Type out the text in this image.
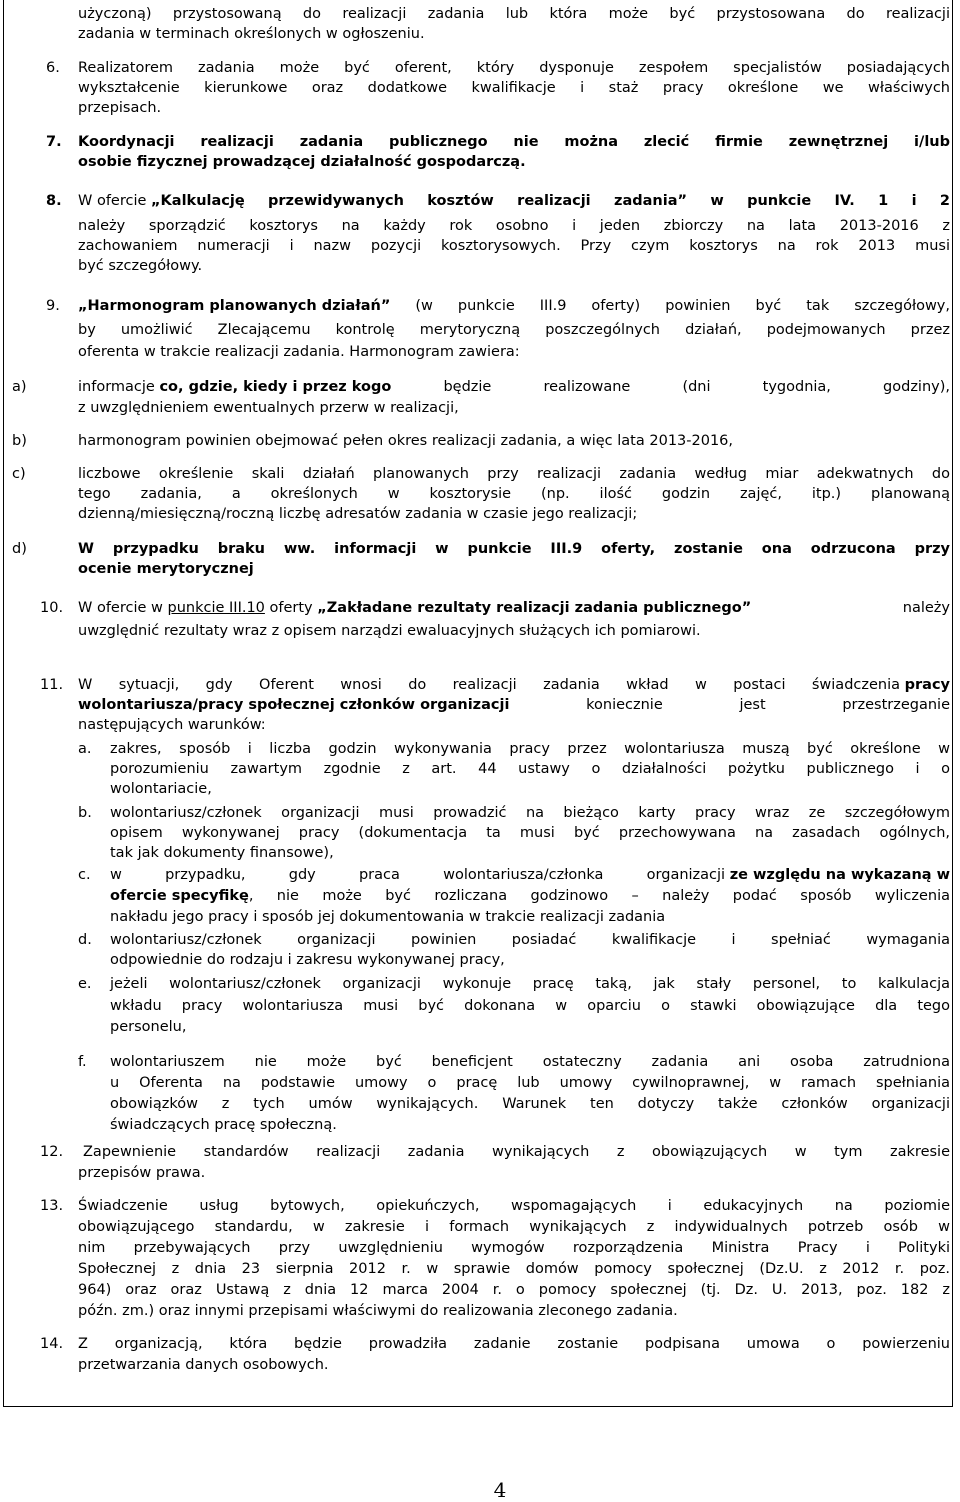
użyczoną) przystosowaną do realizacji zadania lub która może być przystosowana do realizacji
zadania w terminach określonych w ogłoszeniu.
6. Realizatorem zadania może być oferent, który dysponuje zespołem specjalistów posiadających
wykształcenie kierunkowe oraz dodatkowe kwalifikacje i staż pracy określone we właściwych
przepisach.
7. Koordynacji realizacji zadania publicznego nie można zlecić firmie zewnętrznej i/lub
osobie fizycznej prowadzącej działalność gospodarczą.
8. W ofercie „Kalkulację przewidywanych kosztów realizacji zadania” w punkcie IV. 1 i 2
należy sporządzić kosztorys na każdy rok osobno i jeden zbiorczy na lata 2013-2016 z
zachowaniem numeracji i nazw pozycji kosztorysowych. Przy czym kosztorys na rok 2013 musi
być szczegółowy.
9. „Harmonogram planowanych działań” (w punkcie III.9 oferty) powinien być tak szczegółowy,
by umożliwić Zlecającemu kontrolę merytoryczną poszczególnych działań, podejmowanych przez
oferenta w trakcie realizacji zadania. Harmonogram zawiera:
a)	informacje co, gdzie, kiedy i przez kogo będzie realizowane (dni tygodnia, godziny),
z uwzględnieniem ewentualnych przerw w realizacji,
b)	harmonogram powinien obejmować pełen okres realizacji zadania, a więc lata 2013-2016,
c)	liczbowe określenie skali działań planowanych przy realizacji zadania według miar adekwatnych do
tego zadania, a określonych w kosztorysie (np. ilość godzin zajęć, itp.) planowaną
dzienną/miesięczną/roczną liczbę adresatów zadania w czasie jego realizacji;
d)	W przypadku braku ww. informacji w punkcie III.9 oferty, zostanie ona odrzucona przy
ocenie merytorycznej
10. W ofercie w punkcie III.10 oferty „Zakładane rezultaty realizacji zadania publicznego” należy
uwzględnić rezultaty wraz z opisem narządzi ewaluacyjnych służących ich pomiarowi.
11. W sytuacji, gdy Oferent wnosi do realizacji zadania wkład w postaci świadczenia pracy
wolontariusza/pracy społecznej członków organizacji koniecznie jest przestrzeganie
następujących warunków:
a. zakres, sposób i liczba godzin wykonywania pracy przez wolontariusza muszą być określone w
porozumieniu zawartym zgodnie z art. 44 ustawy o działalności pożytku publicznego i o
wolontariacie,
b. wolontariusz/członek organizacji musi prowadzić na bieżąco karty pracy wraz ze szczegółowym
opisem wykonywanej pracy (dokumentacja ta musi być przechowywana na zasadach ogólnych,
tak jak dokumenty finansowe),
c. w przypadku, gdy praca wolontariusza/członka organizacji ze względu na wykazaną w
ofercie specyfikę , nie może być rozliczana godzinowo – należy podać sposób wyliczenia
nakładu jego pracy i sposób jej dokumentowania w trakcie realizacji zadania
d. wolontariusz/członek organizacji powinien posiadać kwalifikacje i spełniać wymagania
odpowiednie do rodzaju i zakresu wykonywanej pracy,
e. jeżeli wolontariusz/członek organizacji wykonuje pracę taką, jak stały personel, to kalkulacja
wkładu pracy wolontariusza musi być dokonana w oparciu o stawki obowiązujące dla tego
personelu,
f. wolontariuszem nie może być beneficjent ostateczny zadania ani osoba zatrudniona
u Oferenta na podstawie umowy o pracę lub umowy cywilnoprawnej, w ramach spełniania
obowiązków z tych umów wynikających. Warunek ten dotyczy także członków organizacji
świadczących pracę społeczną.
12. Zapewnienie standardów realizacji zadania wynikających z obowiązujących w tym zakresie
przepisów prawa.
13. Świadczenie usług bytowych, opiekuńczych, wspomagających i edukacyjnych na poziomie
obowiązującego standardu, w zakresie i formach wynikających z indywidualnych potrzeb osób w
nim przebywających przy uwzględnieniu wymogów rozporządzenia Ministra Pracy i Polityki
Społecznej z dnia 23 sierpnia 2012 r. w sprawie domów pomocy społecznej (Dz.U. z 2012 r. poz.
964) oraz oraz Ustawą z dnia 12 marca 2004 r. o pomocy społecznej (tj. Dz. U. 2013, poz. 182 z
późn. zm.) oraz innymi przepisami właściwymi do realizowania zleconego zadania.
14. Z organizacją, która będzie prowadziła zadanie zostanie podpisana umowa o powierzeniu
przetwarzania danych osobowych.
4
